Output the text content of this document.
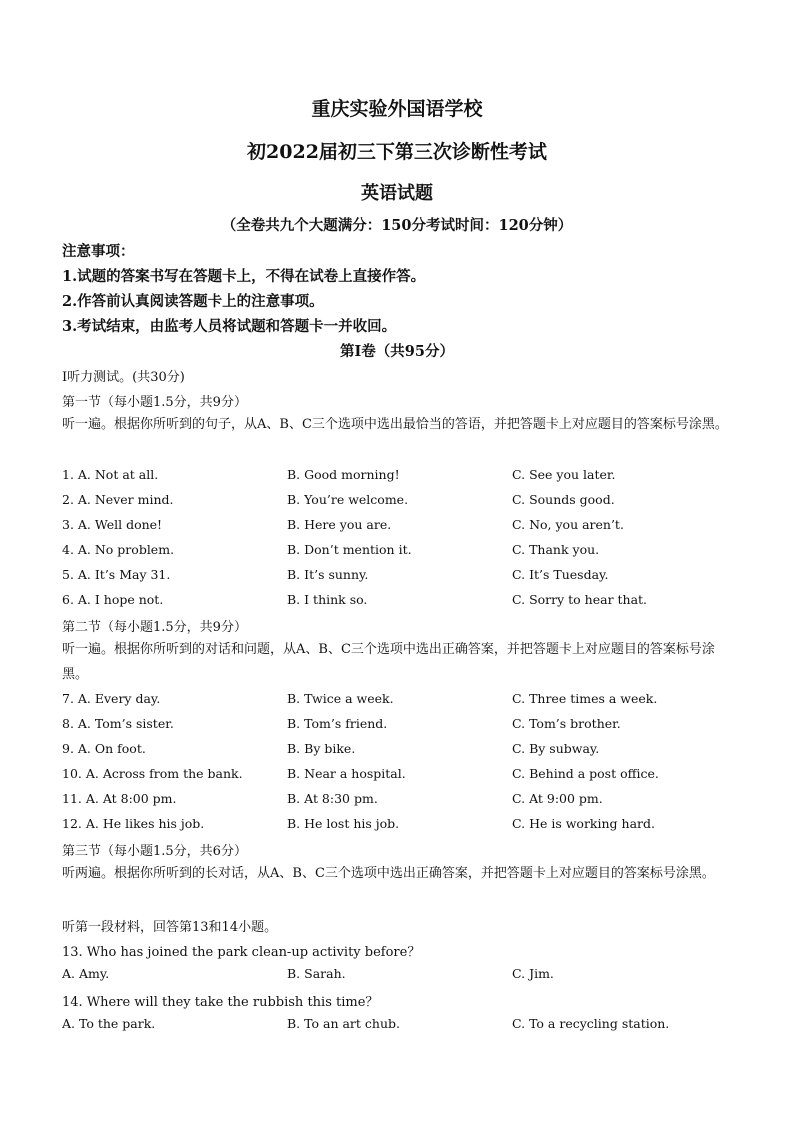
重庆实验外国语学校
初2022届初三下第三次诊断性考试
英语试题
（全卷共九个大题满分：150分考试时间：120分钟）
注意事项：
1.试题的答案书写在答题卡上，不得在试卷上直接作答。
2.作答前认真阅读答题卡上的注意事项。
3.考试结束，由监考人员将试题和答题卡一并收回。
第Ⅰ卷（共95分）
Ⅰ听力测试。(共30分)
第一节（每小题1.5分，共9分）
听一遍。根据你所听到的句子，从A、B、C三个选项中选出最恰当的答语，并把答题卡上对应题目的答案标号涂黑。
1. A. Not at all.	B. Good morning!	C. See you later.
2. A. Never mind.	B. You’re welcome.	C. Sounds good.
3. A. Well done!	B. Here you are.	C. No, you aren’t.
4. A. No problem.	B. Don’t mention it.	C. Thank you.
5. A. It’s May 31.	B. It’s sunny.	C. It’s Tuesday.
6. A. I hope not.	B. I think so.	C. Sorry to hear that.
第二节（每小题1.5分，共9分）
听一遍。根据你所听到的对话和问题，从A、B、C三个选项中选出正确答案，并把答题卡上对应题目的答案标号涂黑。
7. A. Every day.	B. Twice a week.	C. Three times a week.
8. A. Tom’s sister.	B. Tom’s friend.	C. Tom’s brother.
9. A. On foot.	B. By bike.	C. By subway.
10. A. Across from the bank.	B. Near a hospital.	C. Behind a post office.
11. A. At 8:00 pm.	B. At 8:30 pm.	C. At 9:00 pm.
12. A. He likes his job.	B. He lost his job.	C. He is working hard.
第三节（每小题1.5分，共6分）
听两遍。根据你所听到的长对话，从A、B、C三个选项中选出正确答案，并把答题卡上对应题目的答案标号涂黑。
听第一段材料，回答第13和14小题。
13. Who has joined the park clean-up activity before？
A. Amy.	B. Sarah.	C. Jim.
14. Where will they take the rubbish this time？
A. To the park.	B. To an art chub.	C. To a recycling station.
